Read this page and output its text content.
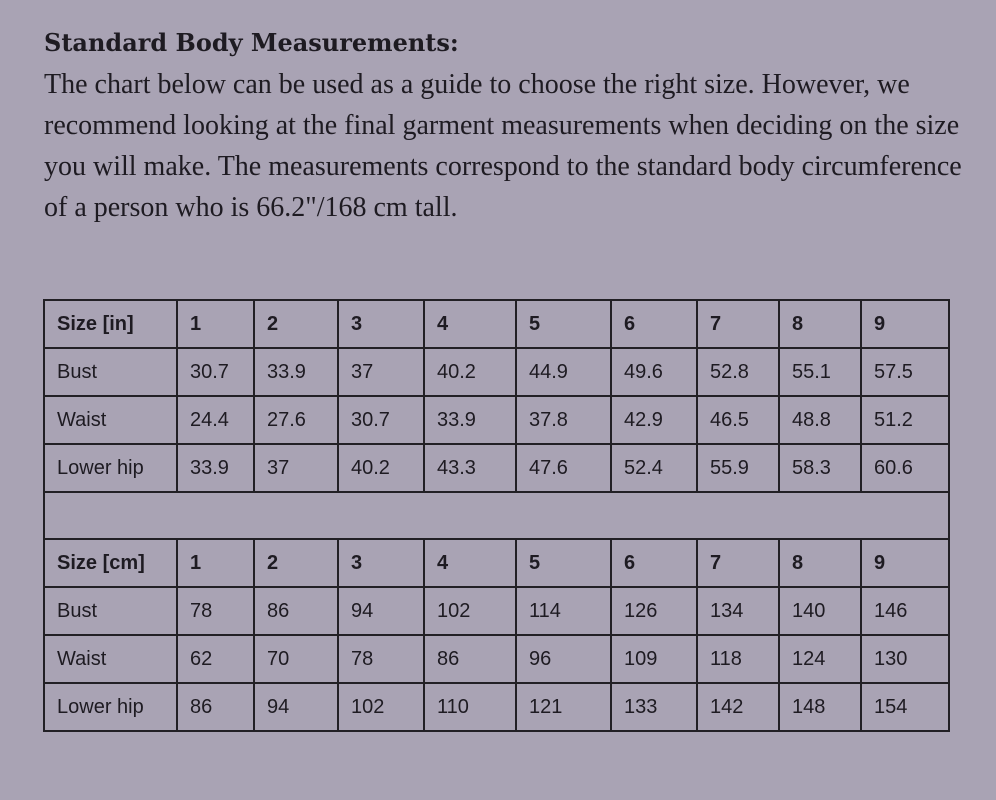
Standard Body Measurements:

The chart below can be used as a guide to choose the right size. However, we recommend looking at the final garment measurements when deciding on the size you will make. The measurements correspond to the standard body circumference of a person who is 66.2"/168 cm tall.

Size [in]	1	2	3	4	5	6	7	8	9
Bust	30.7	33.9	37	40.2	44.9	49.6	52.8	55.1	57.5
Waist	24.4	27.6	30.7	33.9	37.8	42.9	46.5	48.8	51.2
Lower hip	33.9	37	40.2	43.3	47.6	52.4	55.9	58.3	60.6

Size [cm]	1	2	3	4	5	6	7	8	9
Bust	78	86	94	102	114	126	134	140	146
Waist	62	70	78	86	96	109	118	124	130
Lower hip	86	94	102	110	121	133	142	148	154
